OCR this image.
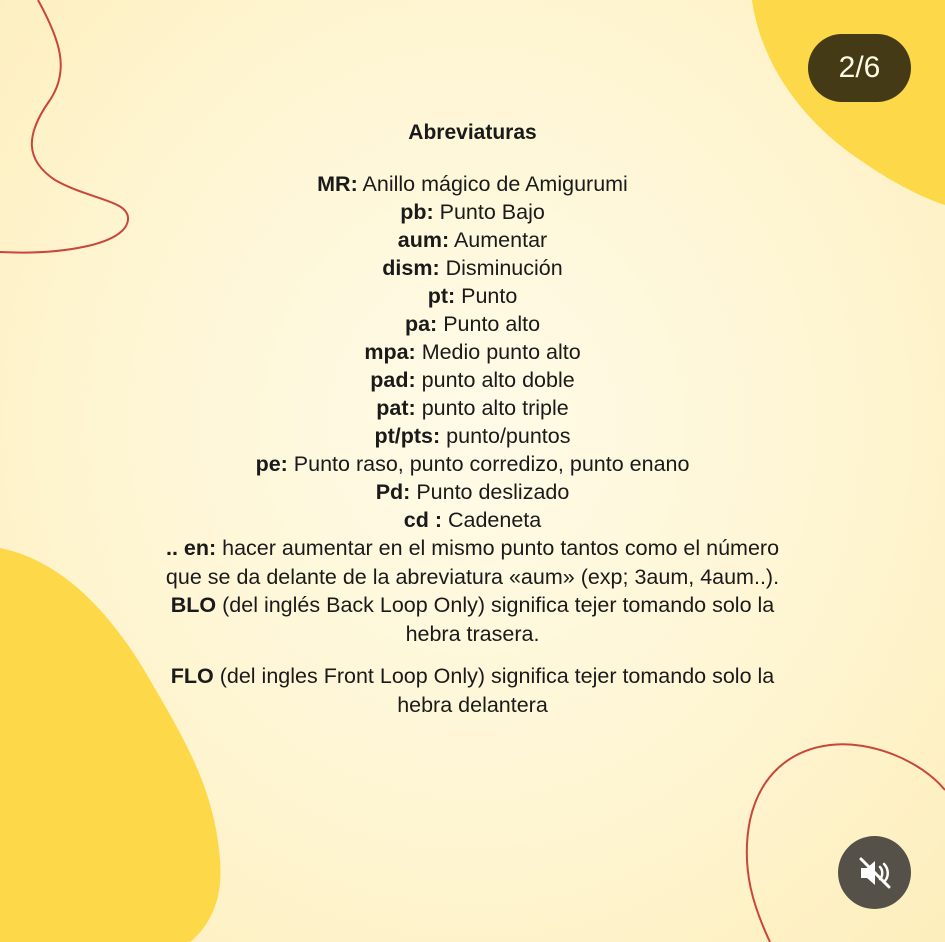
2/6
Abreviaturas
MR: Anillo mágico de Amigurumi
pb: Punto Bajo
aum: Aumentar
dism: Disminución
pt: Punto
pa: Punto alto
mpa: Medio punto alto
pad: punto alto doble
pat: punto alto triple
pt/pts: punto/puntos
pe: Punto raso, punto corredizo, punto enano
Pd: Punto deslizado
cd : Cadeneta
.. en: hacer aumentar en el mismo punto tantos como el número que se da delante de la abreviatura «aum» (exp; 3aum, 4aum..).
BLO (del inglés Back Loop Only) significa tejer tomando solo la hebra trasera.
FLO (del ingles Front Loop Only) significa tejer tomando solo la hebra delantera
